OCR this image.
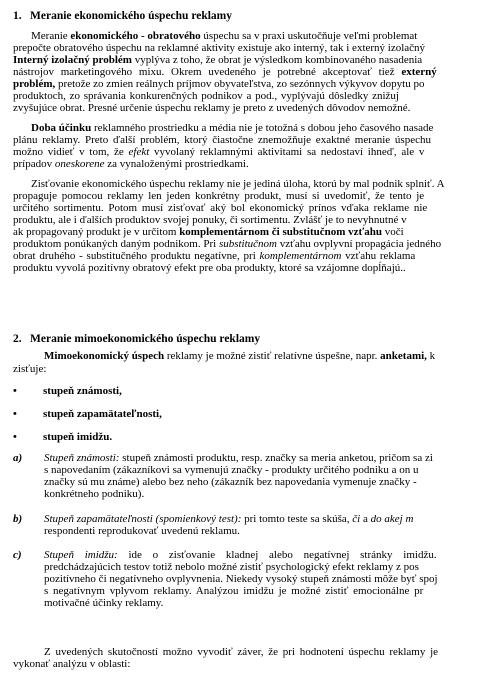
1. Meranie ekonomického úspechu reklamy
Meranie ekonomického - obratového úspechu sa v praxi uskutočňuje veľmi problemat
prepočte obratového úspechu na reklamné aktivity existuje ako interný, tak i externý izolačný
Interný izolačný problém vyplýva z toho, že obrat je výsledkom kombinovaného nasadenia
nástrojov marketingového mixu. Okrem uvedeného je potrebné akceptovať tiež externý
problém, pretože zo zmien reálnych príjmov obyvateľstva, zo sezónnych výkyvov dopytu po
produktoch, zo správania konkurenčných podnikov a pod., vyplývajú dôsledky znižuj
zvyšujúce obrat. Presné určenie úspechu reklamy je preto z uvedených dôvodov nemožné.
Doba účinku reklamného prostriedku a média nie je totožná s dobou jeho časového nasade
plánu reklamy. Preto ďalší problém, ktorý čiastočne znemožňuje exaktné meranie úspechu
možno vidieť v tom, že efekt vyvolaný reklamnými aktivitami sa nedostaví ihneď, ale v
prípadov oneskorene za vynaloženými prostriedkami.
Zisťovanie ekonomického úspechu reklamy nie je jediná úloha, ktorú by mal podnik splniť. A
propaguje pomocou reklamy len jeden konkrétny produkt, musí si uvedomiť, že tento je
určitého sortimentu. Potom musí zisťovať aký bol ekonomický prínos vďaka reklame nie
produktu, ale i ďalších produktov svojej ponuky, či sortimentu. Zvlášť je to nevyhnutné v
ak propagovaný produkt je v určitom komplementárnom či substitučnom vzťahu voči
produktom ponúkaných daným podnikom. Pri substitučnom vzťahu ovplyvní propagácia jedného
obrat druhého - substitučného produktu negatívne, pri komplementárnom vzťahu reklama
produktu vyvolá pozitívny obratový efekt pre oba produkty, ktoré sa vzájomne dopĺňajú..
2. Meranie mimoekonomického úspechu reklamy
Mimoekonomický úspech reklamy je možné zistiť relatívne úspešne, napr. anketami, k
zisťuje:
• stupeň známosti,
• stupeň zapamätateľnosti,
• stupeň imidžu.
a) Stupeň známosti: stupeň známosti produktu, resp. značky sa meria anketou, pričom sa zi
s napovedaním (zákazníkovi sa vymenujú značky - produkty určitého podniku a on u
značky sú mu známe) alebo bez neho (zákazník bez napovedania vymenuje značky -
konkrétneho podniku).
b) Stupeň zapamätateľnosti (spomienkový test): pri tomto teste sa skúša, či a do akej m
respondenti reprodukovať uvedenú reklamu.
c) Stupeň imidžu: ide o zisťovanie kladnej alebo negatívnej stránky imidžu.
predchádzajúcich testov totiž nebolo možné zistiť psychologický efekt reklamy z pos
pozitívneho či negatívneho ovplyvnenia. Niekedy vysoký stupeň známosti môže byť spoj
s negatívnym vplyvom reklamy. Analýzou imidžu je možné zistiť emocionálne pr
motivačné účinky reklamy.
Z uvedených skutočností možno vyvodiť záver, že pri hodnotení úspechu reklamy je
vykonať analýzu v oblasti:
